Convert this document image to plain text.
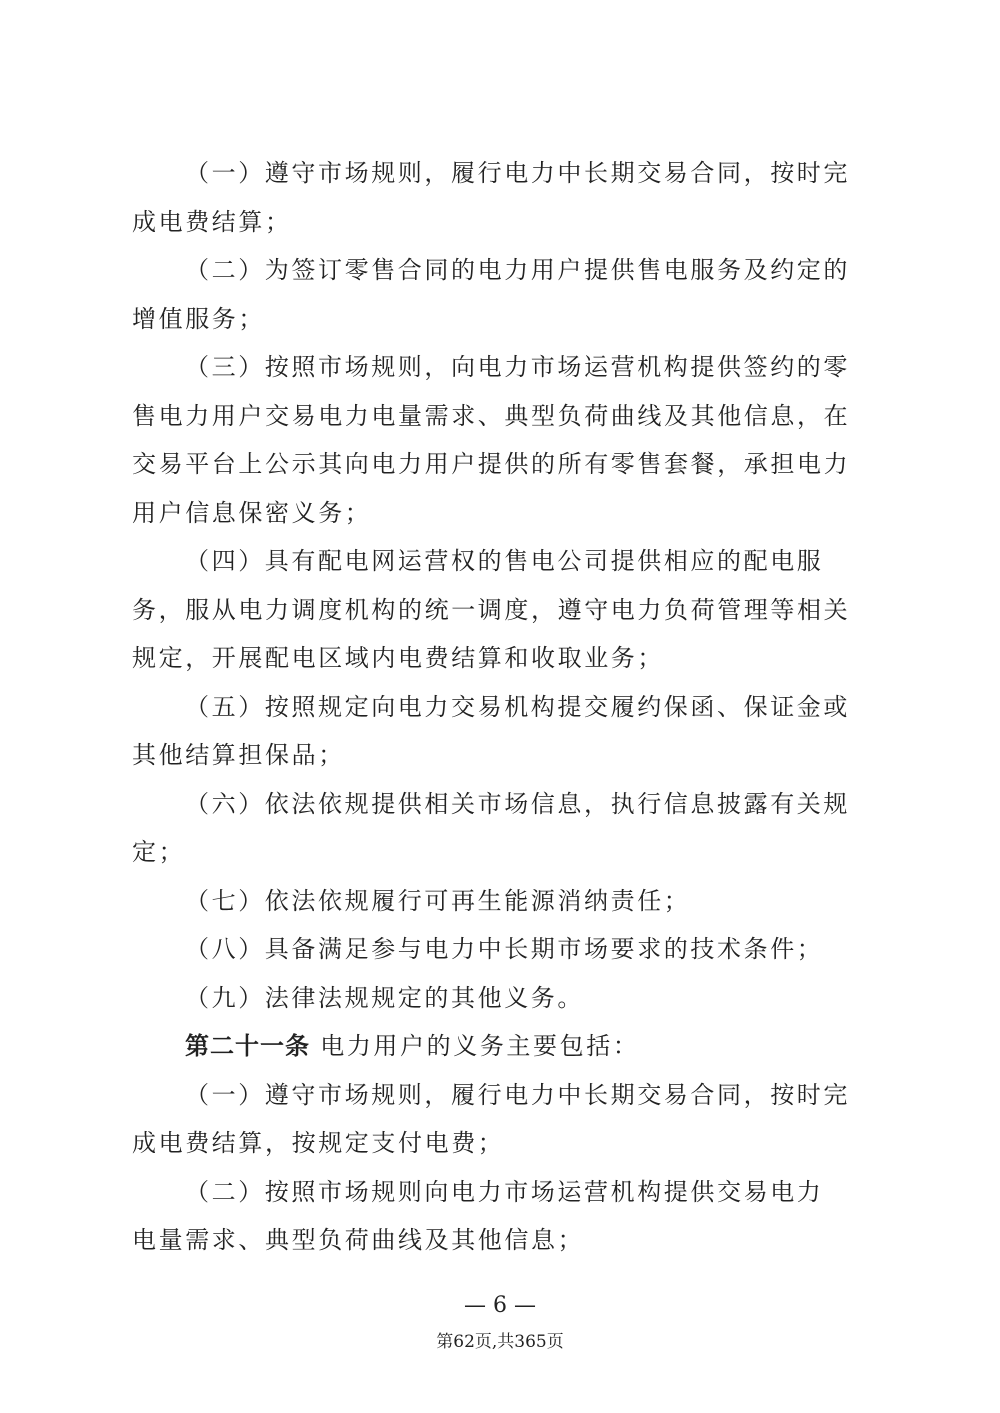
（一）遵守市场规则，履行电力中长期交易合同，按时完
成电费结算；
（二）为签订零售合同的电力用户提供售电服务及约定的
增值服务；
（三）按照市场规则，向电力市场运营机构提供签约的零
售电力用户交易电力电量需求、典型负荷曲线及其他信息，在
交易平台上公示其向电力用户提供的所有零售套餐，承担电力
用户信息保密义务；
（四）具有配电网运营权的售电公司提供相应的配电服
务，服从电力调度机构的统一调度，遵守电力负荷管理等相关
规定，开展配电区域内电费结算和收取业务；
（五）按照规定向电力交易机构提交履约保函、保证金或
其他结算担保品；
（六）依法依规提供相关市场信息，执行信息披露有关规
定；
（七）依法依规履行可再生能源消纳责任；
（八）具备满足参与电力中长期市场要求的技术条件；
（九）法律法规规定的其他义务。
第二十一条 电力用户的义务主要包括：
（一）遵守市场规则，履行电力中长期交易合同，按时完
成电费结算，按规定支付电费；
（二）按照市场规则向电力市场运营机构提供交易电力
电量需求、典型负荷曲线及其他信息；
— 6 —
第62页,共365页
